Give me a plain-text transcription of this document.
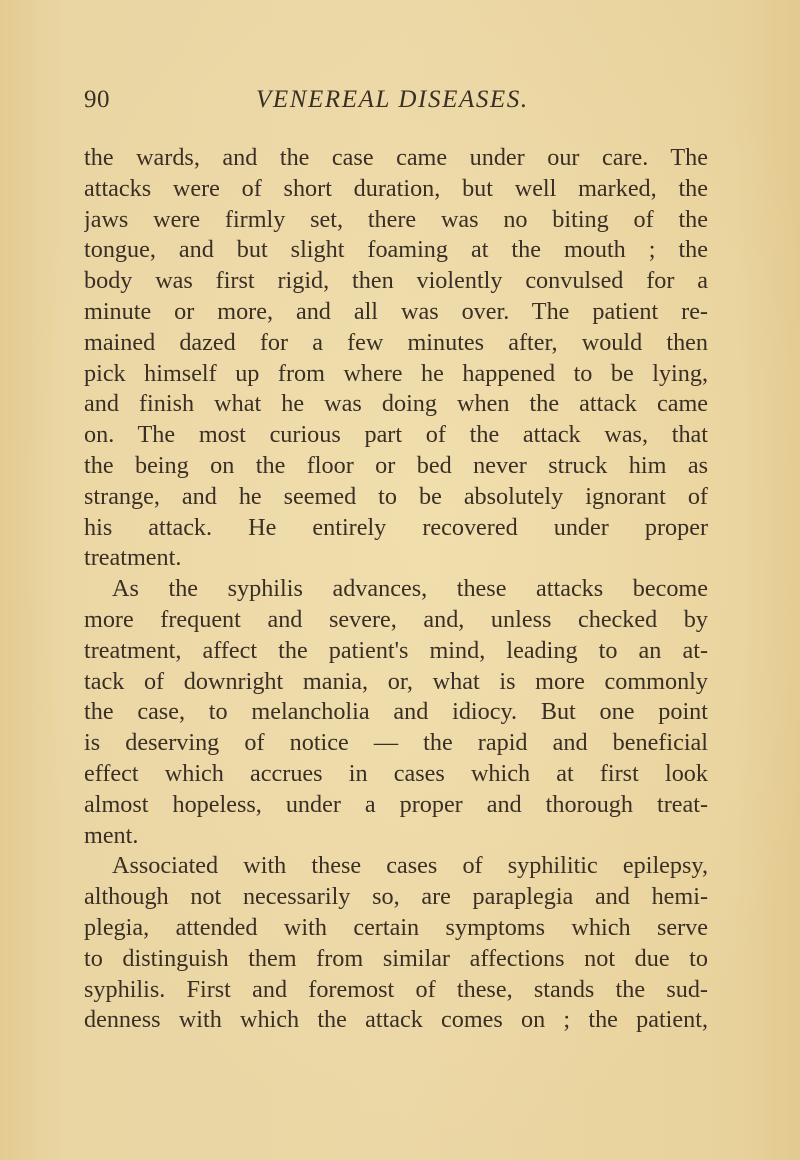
90	VENEREAL DISEASES.
the wards, and the case came under our care. The
attacks were of short duration, but well marked, the
jaws were firmly set, there was no biting of the
tongue, and but slight foaming at the mouth ; the
body was first rigid, then violently convulsed for a
minute or more, and all was over. The patient re-
mained dazed for a few minutes after, would then
pick himself up from where he happened to be lying,
and finish what he was doing when the attack came
on. The most curious part of the attack was, that
the being on the floor or bed never struck him as
strange, and he seemed to be absolutely ignorant of
his attack. He entirely recovered under proper
treatment.
As the syphilis advances, these attacks become
more frequent and severe, and, unless checked by
treatment, affect the patient's mind, leading to an at-
tack of downright mania, or, what is more commonly
the case, to melancholia and idiocy. But one point
is deserving of notice — the rapid and beneficial
effect which accrues in cases which at first look
almost hopeless, under a proper and thorough treat-
ment.
Associated with these cases of syphilitic epilepsy,
although not necessarily so, are paraplegia and hemi-
plegia, attended with certain symptoms which serve
to distinguish them from similar affections not due to
syphilis. First and foremost of these, stands the sud-
denness with which the attack comes on ; the patient,
